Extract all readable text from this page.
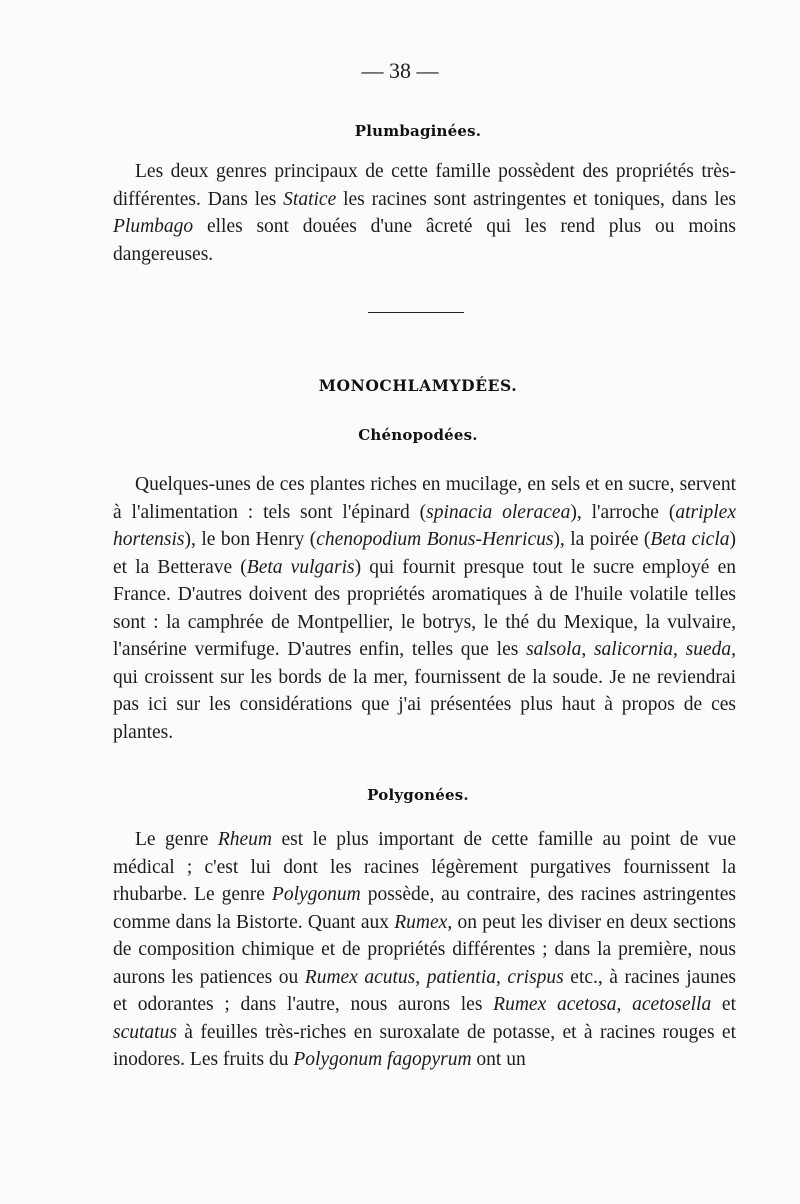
— 38 —
Plumbaginées.

Les deux genres principaux de cette famille possèdent des propriétés très-différentes. Dans les Statice les racines sont astringentes et toniques, dans les Plumbago elles sont douées d'une âcreté qui les rend plus ou moins dangereuses.

MONOCHLAMYDÉES.
Chénopodées.

Quelques-unes de ces plantes riches en mucilage, en sels et en sucre, servent à l'alimentation : tels sont l'épinard (spinacia oleracea), l'arroche (atriplex hortensis), le bon Henry (chenopodium Bonus-Henricus), la poirée (Beta cicla) et la Betterave (Beta vulgaris) qui fournit presque tout le sucre employé en France. D'autres doivent des propriétés aromatiques à de l'huile volatile telles sont : la camphrée de Montpellier, le botrys, le thé du Mexique, la vulvaire, l'ansérine vermifuge. D'autres enfin, telles que les salsola, salicornia, sueda, qui croissent sur les bords de la mer, fournissent de la soude. Je ne reviendrai pas ici sur les considérations que j'ai présentées plus haut à propos de ces plantes.

Polygonées.

Le genre Rheum est le plus important de cette famille au point de vue médical ; c'est lui dont les racines légèrement purgatives fournissent la rhubarbe. Le genre Polygonum possède, au contraire, des racines astringentes comme dans la Bistorte. Quant aux Rumex, on peut les diviser en deux sections de composition chimique et de propriétés différentes ; dans la première, nous aurons les patiences ou Rumex acutus, patientia, crispus etc., à racines jaunes et odorantes ; dans l'autre, nous aurons les Rumex acetosa, acetosella et scutatus à feuilles très-riches en suroxalate de potasse, et à racines rouges et inodores. Les fruits du Polygonum fagopyrum ont un
